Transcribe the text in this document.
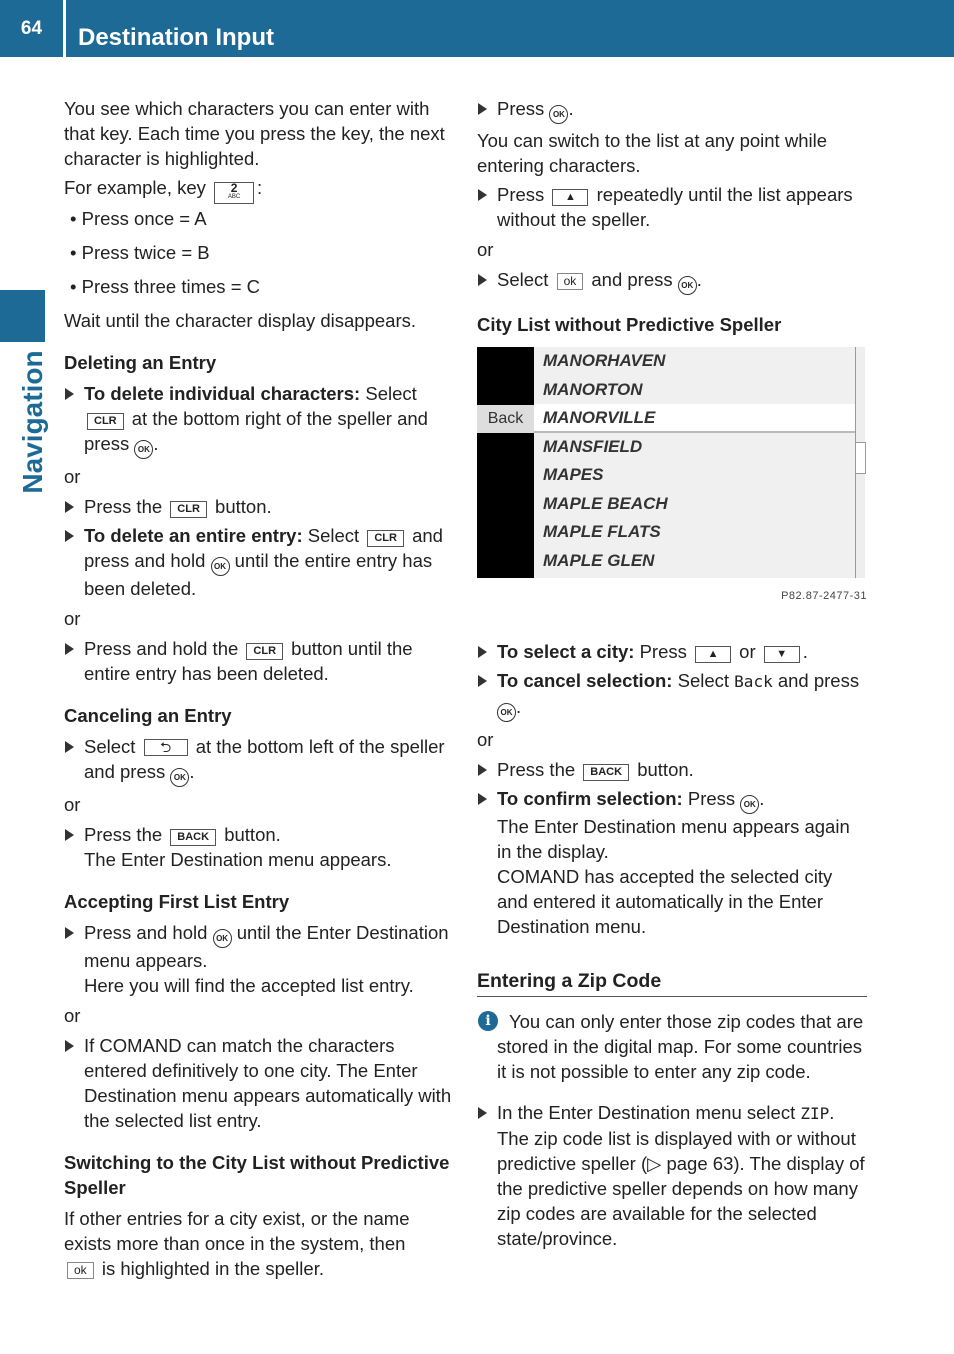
64	Destination Input
Navigation

You see which characters you can enter with that key. Each time you press the key, the next character is highlighted.

For example, key 2
ABC :

• Press once = A

• Press twice = B

• Press three times = C

Wait until the character display disappears.

Deleting an Entry

To delete individual characters: Select
CLR at the bottom right of the speller and press OK .

or

Press the CLR button.
To delete an entire entry: Select CLR and press and hold OK until the entire entry has been deleted.

or

Press and hold the CLR button until the entire entry has been deleted.

Canceling an Entry

Select ⮌ at the bottom left of the speller and press OK .

or

Press the BACK button.
The Enter Destination menu appears.

Accepting First List Entry

Press and hold OK until the Enter Destination menu appears.
Here you will find the accepted list entry.

or

If COMAND can match the characters entered definitively to one city. The Enter Destination menu appears automatically with the selected list entry.

Switching to the City List without Predictive Speller

If other entries for a city exist, or the name exists more than once in the system, then
ok is highlighted in the speller.

Press OK .

You can switch to the list at any point while entering characters.

Press ▲ repeatedly until the list appears without the speller.

or

Select ok and press OK .

City List without Predictive Speller

Back
MANORHAVEN
MANORTON
MANORVILLE
MANSFIELD
MAPES
MAPLE BEACH
MAPLE FLATS
MAPLE GLEN

P82.87-2477-31

To select a city: Press ▲ or ▼ .
To cancel selection: Select Back and press OK .

or

Press the BACK button.
To confirm selection: Press OK .
The Enter Destination menu appears again in the display.
COMAND has accepted the selected city and entered it automatically in the Enter Destination menu.

Entering a Zip Code

i You can only enter those zip codes that are stored in the digital map. For some countries it is not possible to enter any zip code.
In the Enter Destination menu select ZIP. The zip code list is displayed with or without predictive speller (▷ page 63). The display of the predictive speller depends on how many zip codes are available for the selected state/province.
